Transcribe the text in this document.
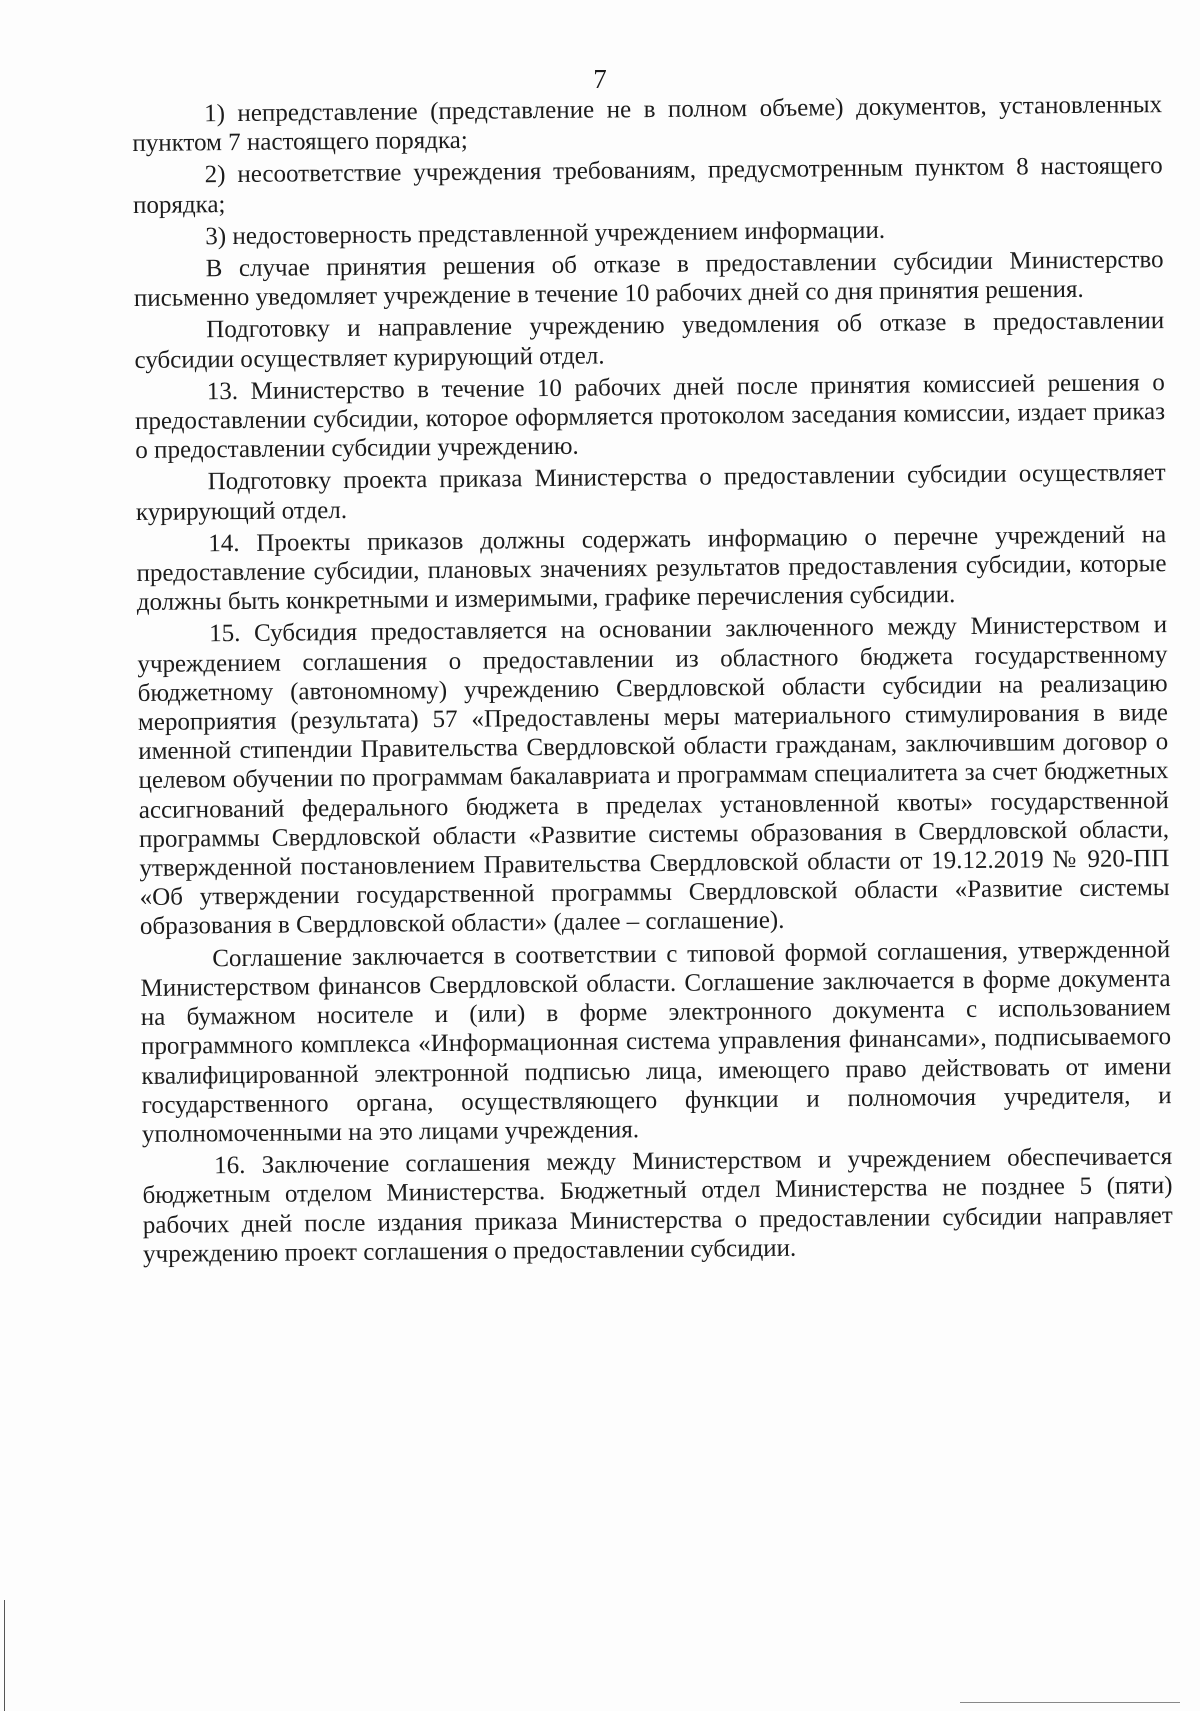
7

1) непредставление (представление не в полном объеме) документов, установленных пунктом 7 настоящего порядка;

2) несоответствие учреждения требованиям, предусмотренным пунктом 8 настоящего порядка;

3) недостоверность представленной учреждением информации.

В случае принятия решения об отказе в предоставлении субсидии Министерство письменно уведомляет учреждение в течение 10 рабочих дней со дня принятия решения.

Подготовку и направление учреждению уведомления об отказе в предоставлении субсидии осуществляет курирующий отдел.

13. Министерство в течение 10 рабочих дней после принятия комиссией решения о предоставлении субсидии, которое оформляется протоколом заседания комиссии, издает приказ о предоставлении субсидии учреждению.

Подготовку проекта приказа Министерства о предоставлении субсидии осуществляет курирующий отдел.

14. Проекты приказов должны содержать информацию о перечне учреждений на предоставление субсидии, плановых значениях результатов предоставления субсидии, которые должны быть конкретными и измеримыми, графике перечисления субсидии.

15. Субсидия предоставляется на основании заключенного между Министерством и учреждением соглашения о предоставлении из областного бюджета государственному бюджетному (автономному) учреждению Свердловской области субсидии на реализацию мероприятия (результата) 57 «Предоставлены меры материального стимулирования в виде именной стипендии Правительства Свердловской области гражданам, заключившим договор о целевом обучении по программам бакалавриата и программам специалитета за счет бюджетных ассигнований федерального бюджета в пределах установленной квоты» государственной программы Свердловской области «Развитие системы образования в Свердловской области, утвержденной постановлением Правительства Свердловской области от 19.12.2019 № 920-ПП «Об утверждении государственной программы Свердловской области «Развитие системы образования в Свердловской области» (далее – соглашение).

Соглашение заключается в соответствии с типовой формой соглашения, утвержденной Министерством финансов Свердловской области. Соглашение заключается в форме документа на бумажном носителе и (или) в форме электронного документа с использованием программного комплекса «Информационная система управления финансами», подписываемого квалифицированной электронной подписью лица, имеющего право действовать от имени государственного органа, осуществляющего функции и полномочия учредителя, и уполномоченными на это лицами учреждения.

16. Заключение соглашения между Министерством и учреждением обеспечивается бюджетным отделом Министерства. Бюджетный отдел Министерства не позднее 5 (пяти) рабочих дней после издания приказа Министерства о предоставлении субсидии направляет учреждению проект соглашения о предоставлении субсидии.
